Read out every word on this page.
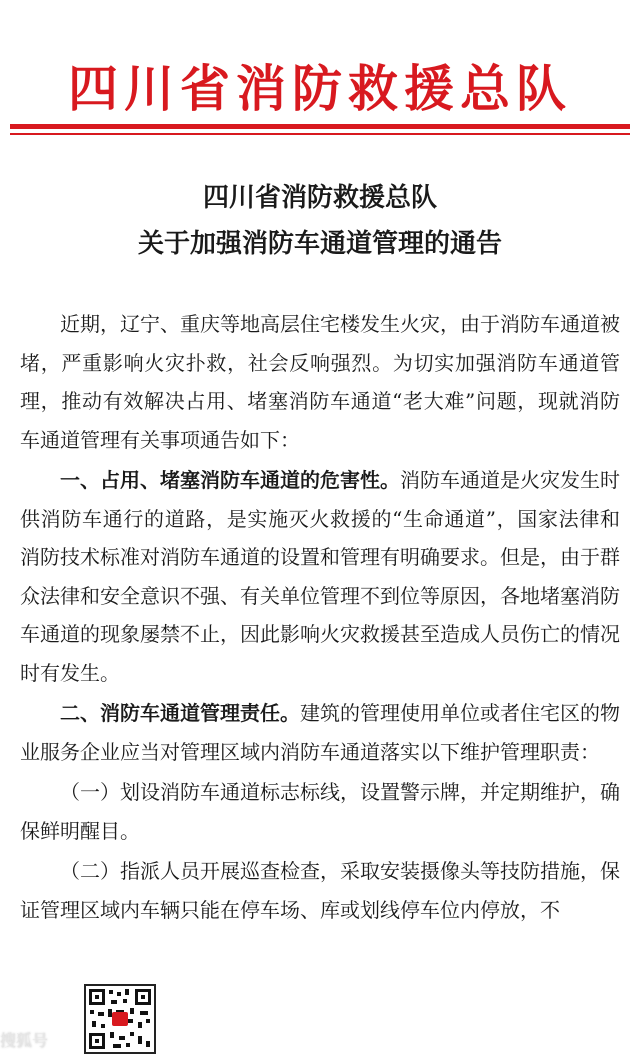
四川省消防救援总队
四川省消防救援总队
关于加强消防车通道管理的通告

近期，辽宁、重庆等地高层住宅楼发生火灾，由于消防车通道被堵，严重影响火灾扑救，社会反响强烈。为切实加强消防车通道管理，推动有效解决占用、堵塞消防车通道“老大难”问题，现就消防车通道管理有关事项通告如下：

一、占用、堵塞消防车通道的危害性。消防车通道是火灾发生时供消防车通行的道路，是实施灭火救援的“生命通道”，国家法律和消防技术标准对消防车通道的设置和管理有明确要求。但是，由于群众法律和安全意识不强、有关单位管理不到位等原因，各地堵塞消防车通道的现象屡禁不止，因此影响火灾救援甚至造成人员伤亡的情况时有发生。

二、消防车通道管理责任。建筑的管理使用单位或者住宅区的物业服务企业应当对管理区域内消防车通道落实以下维护管理职责：

（一）划设消防车通道标志标线，设置警示牌，并定期维护，确保鲜明醒目。

（二）指派人员开展巡查检查，采取安装摄像头等技防措施，保证管理区域内车辆只能在停车场、库或划线停车位内停放，不

搜狐号
